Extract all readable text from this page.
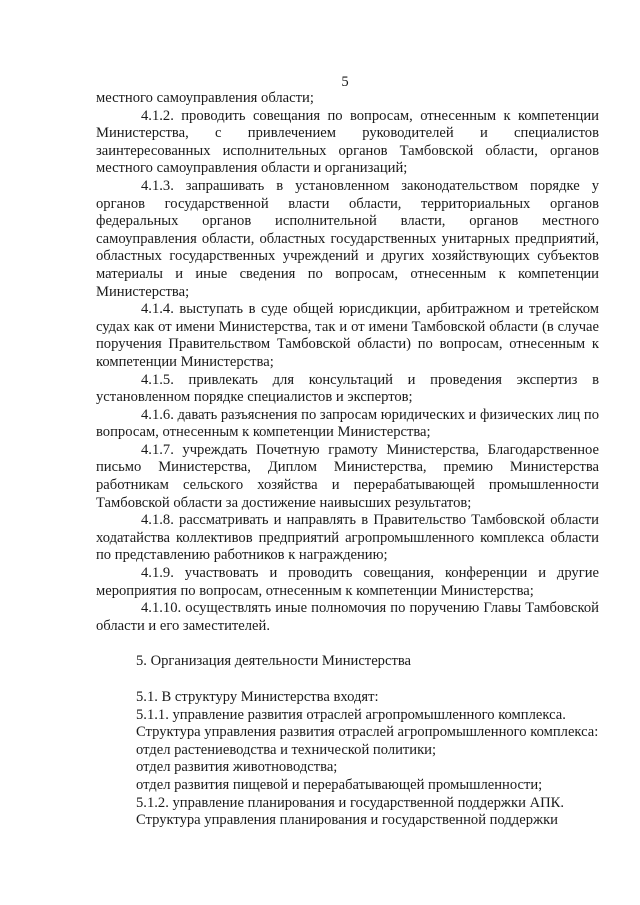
5

местного самоуправления области;

4.1.2. проводить совещания по вопросам, отнесенным к компетенции Министерства, с привлечением руководителей и специалистов заинтересованных исполнительных органов Тамбовской области, органов местного самоуправления области и организаций;

4.1.3. запрашивать в установленном законодательством порядке у органов государственной власти области, территориальных органов федеральных органов исполнительной власти, органов местного самоуправления области, областных государственных унитарных предприятий, областных государственных учреждений и других хозяйствующих субъектов материалы и иные сведения по вопросам, отнесенным к компетенции Министерства;

4.1.4. выступать в суде общей юрисдикции, арбитражном и третейском судах как от имени Министерства, так и от имени Тамбовской области (в случае поручения Правительством Тамбовской области) по вопросам, отнесенным к компетенции Министерства;

4.1.5. привлекать для консультаций и проведения экспертиз в установленном порядке специалистов и экспертов;

4.1.6. давать разъяснения по запросам юридических и физических лиц по вопросам, отнесенным к компетенции Министерства;

4.1.7. учреждать Почетную грамоту Министерства, Благодарственное письмо Министерства, Диплом Министерства, премию Министерства работникам сельского хозяйства и перерабатывающей промышленности Тамбовской области за достижение наивысших результатов;

4.1.8. рассматривать и направлять в Правительство Тамбовской области ходатайства коллективов предприятий агропромышленного комплекса области по представлению работников к награждению;

4.1.9. участвовать и проводить совещания, конференции и другие мероприятия по вопросам, отнесенным к компетенции Министерства;

4.1.10. осуществлять иные полномочия по поручению Главы Тамбовской области и его заместителей.

5. Организация деятельности Министерства

5.1. В структуру Министерства входят:

5.1.1. управление развития отраслей агропромышленного комплекса.

Структура управления развития отраслей агропромышленного комплекса:

отдел растениеводства и технической политики;

отдел развития животноводства;

отдел развития пищевой и перерабатывающей промышленности;

5.1.2. управление планирования и государственной поддержки АПК.

Структура управления планирования и государственной поддержки
